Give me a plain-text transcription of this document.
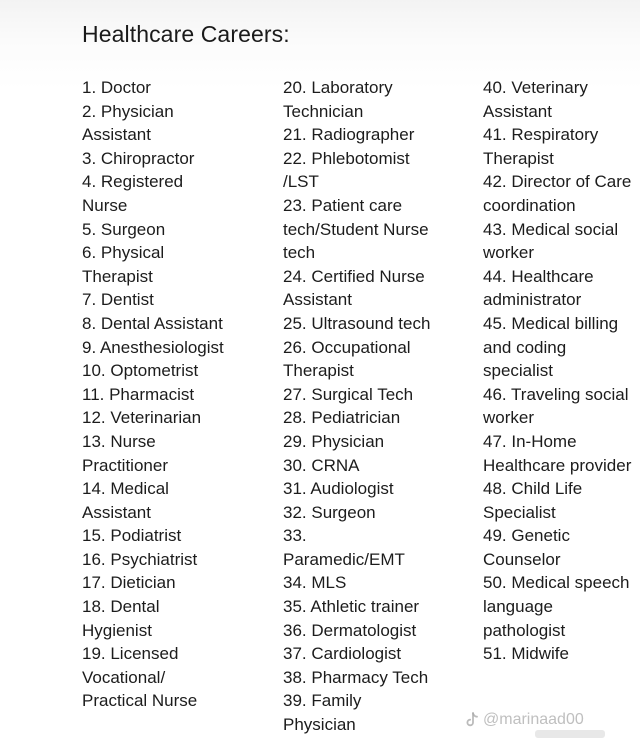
Healthcare Careers:
1. Doctor
2. Physician
Assistant
3. Chiropractor
4. Registered
Nurse
5. Surgeon
6. Physical
Therapist
7. Dentist
8. Dental Assistant
9. Anesthesiologist
10. Optometrist
11. Pharmacist
12. Veterinarian
13. Nurse
Practitioner
14. Medical
Assistant
15. Podiatrist
16. Psychiatrist
17. Dietician
18. Dental
Hygienist
19. Licensed
Vocational/
Practical Nurse
20. Laboratory
Technician
21. Radiographer
22. Phlebotomist
/LST
23. Patient care
tech/Student Nurse
tech
24. Certified Nurse
Assistant
25. Ultrasound tech
26. Occupational
Therapist
27. Surgical Tech
28. Pediatrician
29. Physician
30. CRNA
31. Audiologist
32. Surgeon
33.
Paramedic/EMT
34. MLS
35. Athletic trainer
36. Dermatologist
37. Cardiologist
38. Pharmacy Tech
39. Family
Physician
40. Veterinary
Assistant
41. Respiratory
Therapist
42. Director of Care
coordination
43. Medical social
worker
44. Healthcare
administrator
45. Medical billing
and coding
specialist
46. Traveling social
worker
47. In-Home
Healthcare provider
48. Child Life
Specialist
49. Genetic
Counselor
50. Medical speech
language
pathologist
51. Midwife
@marinaad00
